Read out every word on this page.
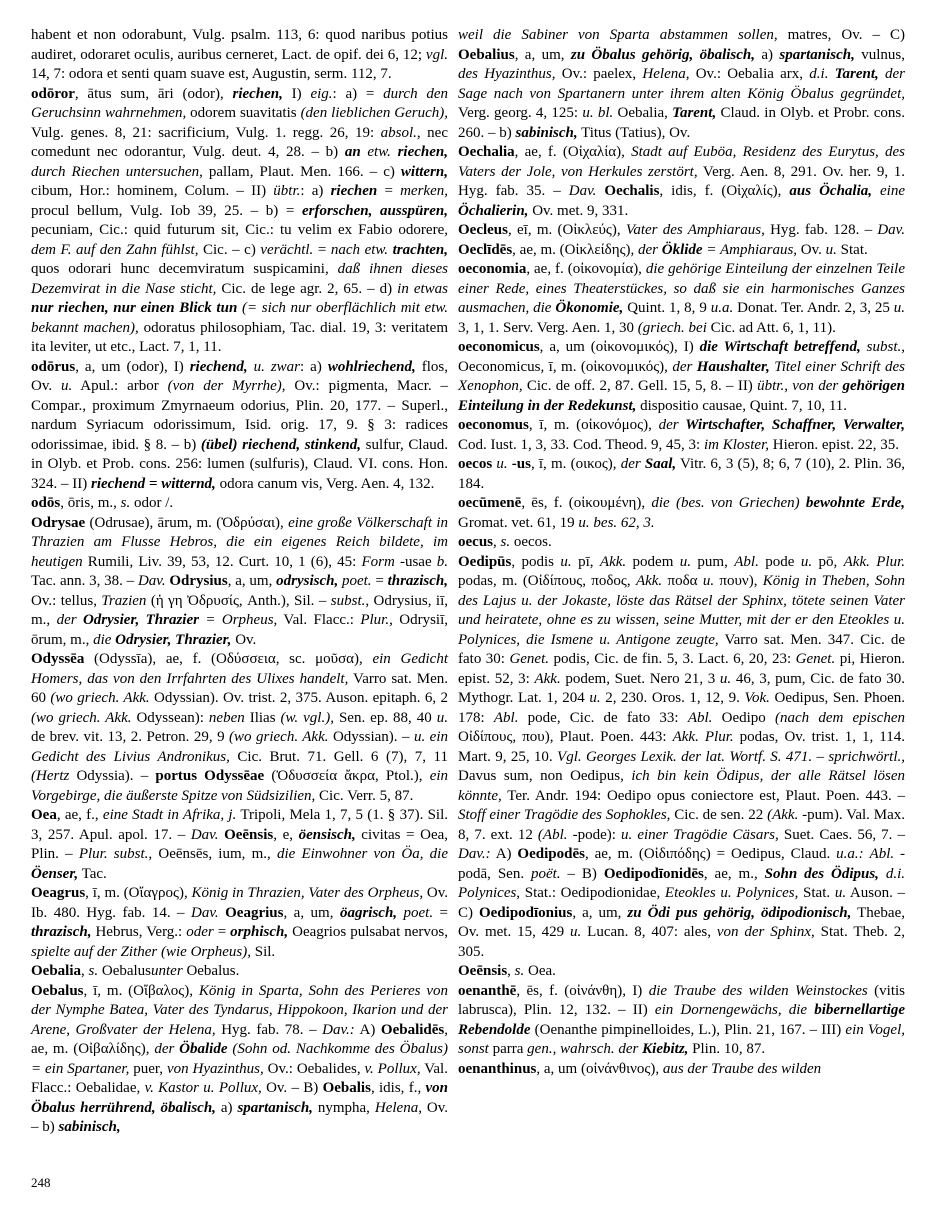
habent et non odorabunt, Vulg. psalm. 113, 6: quod naribus potius audiret, odoraret oculis, auribus cerneret, Lact. de opif. dei 6, 12; vgl. 14, 7: odora et senti quam suave est, Augustin, serm. 112, 7.

odōror, ātus sum, āri (odor), riechen, I) eig.: a) = durch den Geruchsinn wahrnehmen, odorem suavitatis (den lieblichen Geruch), Vulg. genes. 8, 21: sacrificium, Vulg. 1. regg. 26, 19: absol., nec comedunt nec odorantur, Vulg. deut. 4, 28. – b) an etw. riechen, durch Riechen untersuchen, pallam, Plaut. Men. 166. – c) wittern, cibum, Hor.: hominem, Colum. – II) übtr.: a) riechen = merken, procul bellum, Vulg. Iob 39, 25. – b) = erforschen, ausspüren, pecuniam, Cic.: quid futurum sit, Cic.: tu velim ex Fabio odorere, dem F. auf den Zahn fühlst, Cic. – c) verächtl. = nach etw. trachten, quos odorari hunc decemviratum suspicamini, daß ihnen dieses Dezemvirat in die Nase sticht, Cic. de lege agr. 2, 65. – d) in etwas nur riechen, nur einen Blick tun (= sich nur oberflächlich mit etw. bekannt machen), odoratus philosophiam, Tac. dial. 19, 3: veritatem ita leviter, ut etc., Lact. 7, 1, 11.

odōrus, a, um (odor), I) riechend, u. zwar: a) wohlriechend, flos, Ov. u. Apul.: arbor (von der Myrrhe), Ov.: pigmenta, Macr. – Compar., proximum Zmyrnaeum odorius, Plin. 20, 177. – Superl., nardum Syriacum odorissimum, Isid. orig. 17, 9. § 3: radices odorissimae, ibid. § 8. – b) (übel) riechend, stinkend, sulfur, Claud. in Olyb. et Prob. cons. 256: lumen (sulfuris), Claud. VI. cons. Hon. 324. – II) riechend = witternd, odora canum vis, Verg. Aen. 4, 132.

odōs, ōris, m., s. odor /.

Odrysae (Odrusae), ārum, m. (Ὀδρύσαι), eine große Völkerschaft in Thrazien am Flusse Hebros, die ein eigenes Reich bildete, im heutigen Rumili, Liv. 39, 53, 12. Curt. 10, 1 (6), 45: Form -usae b. Tac. ann. 3, 38. – Dav. Odrysius, a, um, odrysisch, poet. = thrazisch, Ov.: tellus, Trazien (ἡ γη Ὀδρυσίς, Anth.), Sil. – subst., Odrysius, iī, m., der Odrysier, Thrazier = Orpheus, Val. Flacc.: Plur., Odrysiī, ōrum, m., die Odrysier, Thrazier, Ov.

Odyssēa (Odyssīa), ae, f. (Οδύσσεια, sc. μοῦσα), ein Gedicht Homers, das von den Irrfahrten des Ulixes handelt, Varro sat. Men. 60 (wo griech. Akk. Odyssian). Ov. trist. 2, 375. Auson. epitaph. 6, 2 (wo griech. Akk. Odyssean): neben Ilias (w. vgl.), Sen. ep. 88, 40 u. de brev. vit. 13, 2. Petron. 29, 9 (wo griech. Akk. Odyssian). – u. ein Gedicht des Livius Andronikus, Cic. Brut. 71. Gell. 6 (7), 7, 11 (Hertz Odyssia). – portus Odyssēae (Ὀδυσσεία ἄκρα, Ptol.), ein Vorgebirge, die äußerste Spitze von Südsizilien, Cic. Verr. 5, 87.

Oea, ae, f., eine Stadt in Afrika, j. Tripoli, Mela 1, 7, 5 (1. § 37). Sil. 3, 257. Apul. apol. 17. – Dav. Oeēnsis, e, öensisch, civitas = Oea, Plin. – Plur. subst., Oeēnsēs, ium, m., die Einwohner von Öa, die Öenser, Tac.

Oeagrus, ī, m. (Οἴαγρος), König in Thrazien, Vater des Orpheus, Ov. Ib. 480. Hyg. fab. 14. – Dav. Oeagrius, a, um, öagrisch, poet. = thrazisch, Hebrus, Verg.: oder = orphisch, Oeagrios pulsabat nervos, spielte auf der Zither (wie Orpheus), Sil.

Oebalia, s. Oebalusunter Oebalus.

Oebalus, ī, m. (Οἴβαλος), König in Sparta, Sohn des Perieres von der Nymphe Batea, Vater des Tyndarus, Hippokoon, Ikarion und der Arene, Großvater der Helena, Hyg. fab. 78. – Dav.: A) Oebalidēs, ae, m. (Οἰβαλίδης), der Öbalide (Sohn od. Nachkomme des Öbalus) = ein Spartaner, puer, von Hyazinthus, Ov.: Oebalides, v. Pollux, Val. Flacc.: Oebalidae, v. Kastor u. Pollux, Ov. – B) Oebalis, idis, f., von Öbalus herrührend, öbalisch, a) spartanisch, nympha, Helena, Ov. – b) sabinisch,

weil die Sabiner von Sparta abstammen sollen, matres, Ov. – C) Oebalius, a, um, zu Öbalus gehörig, öbalisch, a) spartanisch, vulnus, des Hyazinthus, Ov.: paelex, Helena, Ov.: Oebalia arx, d.i. Tarent, der Sage nach von Spartanern unter ihrem alten König Öbalus gegründet, Verg. georg. 4, 125: u. bl. Oebalia, Tarent, Claud. in Olyb. et Probr. cons. 260. – b) sabinisch, Titus (Tatius), Ov.

Oechalia, ae, f. (Οἰχαλία), Stadt auf Euböa, Residenz des Eurytus, des Vaters der Jole, von Herkules zerstört, Verg. Aen. 8, 291. Ov. her. 9, 1. Hyg. fab. 35. – Dav. Oechalis, idis, f. (Οἰχαλίς), aus Öchalia, eine Öchalierin, Ov. met. 9, 331.

Oecleus, eī, m. (Οἰκλεύς), Vater des Amphiaraus, Hyg. fab. 128. – Dav. Oeclīdēs, ae, m. (Οἰκλείδης), der Öklide = Amphiaraus, Ov. u. Stat.

oeconomia, ae, f. (οἰκονομία), die gehörige Einteilung der einzelnen Teile einer Rede, eines Theaterstückes, so daß sie ein harmonisches Ganzes ausmachen, die Ökonomie, Quint. 1, 8, 9 u.a. Donat. Ter. Andr. 2, 3, 25 u. 3, 1, 1. Serv. Verg. Aen. 1, 30 (griech. bei Cic. ad Att. 6, 1, 11).

oeconomicus, a, um (οἰκονομικός), I) die Wirtschaft betreffend, subst., Oeconomicus, ī, m. (οἰκονομικός), der Haushalter, Titel einer Schrift des Xenophon, Cic. de off. 2, 87. Gell. 15, 5, 8. – II) übtr., von der gehörigen Einteilung in der Redekunst, dispositio causae, Quint. 7, 10, 11.

oeconomus, ī, m. (οἰκονόμος), der Wirtschafter, Schaffner, Verwalter, Cod. Iust. 1, 3, 33. Cod. Theod. 9, 45, 3: im Kloster, Hieron. epist. 22, 35.

oecos u. -us, ī, m. (οικος), der Saal, Vitr. 6, 3 (5), 8; 6, 7 (10), 2. Plin. 36, 184.

oecūmenē, ēs, f. (οἰκουμένη), die (bes. von Griechen) bewohnte Erde, Gromat. vet. 61, 19 u. bes. 62, 3.

oecus, s. oecos.

Oedipūs, podis u. pī, Akk. podem u. pum, Abl. pode u. pō, Akk. Plur. podas, m. (Οἰδίπους, ποδος, Akk. ποδα u. πουν), König in Theben, Sohn des Lajus u. der Jokaste, löste das Rätsel der Sphinx, tötete seinen Vater und heiratete, ohne es zu wissen, seine Mutter, mit der er den Eteokles u. Polynices, die Ismene u. Antigone zeugte, Varro sat. Men. 347. Cic. de fato 30: Genet. podis, Cic. de fin. 5, 3. Lact. 6, 20, 23: Genet. pi, Hieron. epist. 52, 3: Akk. podem, Suet. Nero 21, 3 u. 46, 3, pum, Cic. de fato 30. Mythogr. Lat. 1, 204 u. 2, 230. Oros. 1, 12, 9. Vok. Oedipus, Sen. Phoen. 178: Abl. pode, Cic. de fato 33: Abl. Oedipo (nach dem epischen Οἰδίπους, που), Plaut. Poen. 443: Akk. Plur. podas, Ov. trist. 1, 1, 114. Mart. 9, 25, 10. Vgl. Georges Lexik. der lat. Wortf. S. 471. – sprichwörtl., Davus sum, non Oedipus, ich bin kein Ödipus, der alle Rätsel lösen könnte, Ter. Andr. 194: Oedipo opus coniectore est, Plaut. Poen. 443. – Stoff einer Tragödie des Sophokles, Cic. de sen. 22 (Akk. -pum). Val. Max. 8, 7. ext. 12 (Abl. -pode): u. einer Tragödie Cäsars, Suet. Caes. 56, 7. – Dav.: A) Oedipodēs, ae, m. (Οἰδιπόδης) = Oedipus, Claud. u.a.: Abl. -podā, Sen. poët. – B) Oedipodīonidēs, ae, m., Sohn des Ödipus, d.i. Polynices, Stat.: Oedipodionidae, Eteokles u. Polynices, Stat. u. Auson. – C) Oedipodīonius, a, um, zu Ödi pus gehörig, ödipodionisch, Thebae, Ov. met. 15, 429 u. Lucan. 8, 407: ales, von der Sphinx, Stat. Theb. 2, 305.

Oeēnsis, s. Oea.

oenanthē, ēs, f. (οἰνάνθη), I) die Traube des wilden Weinstockes (vitis labrusca), Plin. 12, 132. – II) ein Dornengewächs, die bibernellartige Rebendolde (Oenanthe pimpinelloides, L.), Plin. 21, 167. – III) ein Vogel, sonst parra gen., wahrsch. der Kiebitz, Plin. 10, 87.

oenanthinus, a, um (οἰνάνθινος), aus der Traube des wilden

248
